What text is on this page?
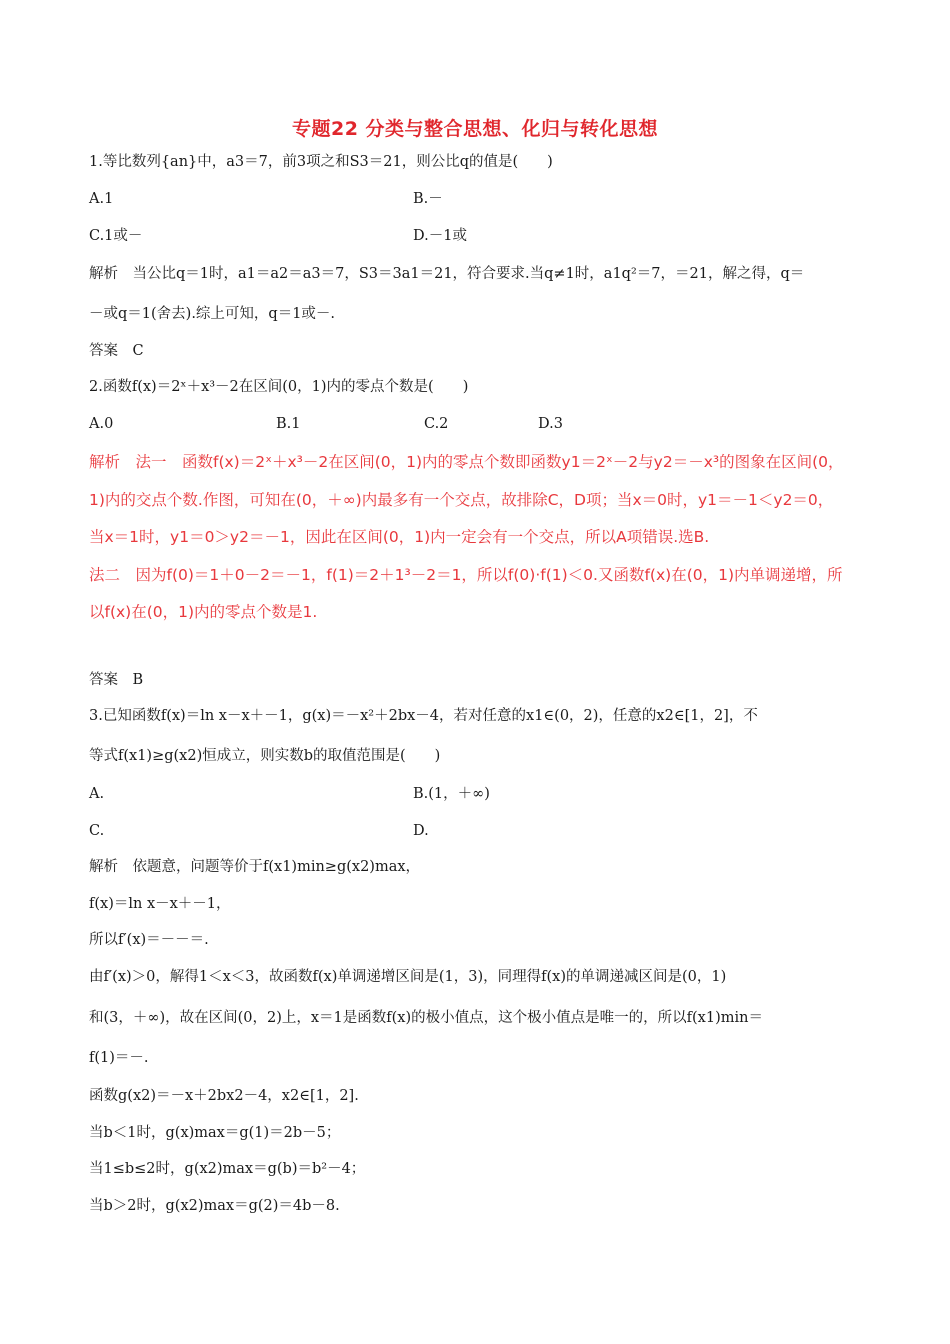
专题22 分类与整合思想、化归与转化思想
1.等比数列{an}中，a3＝7，前3项之和S3＝21，则公比q的值是(　　)
A.1	B.－
C.1或－	D.－1或
解析　当公比q＝1时，a1＝a2＝a3＝7，S3＝3a1＝21，符合要求.当q≠1时，a1q²＝7，＝21，解之得，q＝
－或q＝1(舍去).综上可知，q＝1或－.
答案　C
2.函数f(x)＝2ˣ＋x³－2在区间(0，1)内的零点个数是(　　)
A.0	B.1	C.2	D.3
解析　法一　函数f(x)＝2ˣ＋x³－2在区间(0，1)内的零点个数即函数y1＝2ˣ－2与y2＝－x³的图象在区间(0，
1)内的交点个数.作图，可知在(0，＋∞)内最多有一个交点，故排除C，D项；当x＝0时，y1＝－1＜y2＝0，
当x＝1时，y1＝0＞y2＝－1，因此在区间(0，1)内一定会有一个交点，所以A项错误.选B.
法二　因为f(0)＝1＋0－2＝－1，f(1)＝2＋1³－2＝1，所以f(0)·f(1)＜0.又函数f(x)在(0，1)内单调递增，所
以f(x)在(0，1)内的零点个数是1.
答案　B
3.已知函数f(x)＝ln x－x＋－1，g(x)＝－x²＋2bx－4，若对任意的x1∈(0，2)，任意的x2∈[1，2]，不
等式f(x1)≥g(x2)恒成立，则实数b的取值范围是(　　)
A.	B.(1，＋∞)
C.	D.
解析　依题意，问题等价于f(x1)min≥g(x2)max，
f(x)＝ln x－x＋－1，
所以f′(x)＝－－＝.
由f′(x)＞0，解得1＜x＜3，故函数f(x)单调递增区间是(1，3)，同理得f(x)的单调递减区间是(0，1)
和(3，＋∞)，故在区间(0，2)上，x＝1是函数f(x)的极小值点，这个极小值点是唯一的，所以f(x1)min＝
f(1)＝－.
函数g(x2)＝－x＋2bx2－4，x2∈[1，2].
当b＜1时，g(x)max＝g(1)＝2b－5；
当1≤b≤2时，g(x2)max＝g(b)＝b²－4；
当b＞2时，g(x2)max＝g(2)＝4b－8.
